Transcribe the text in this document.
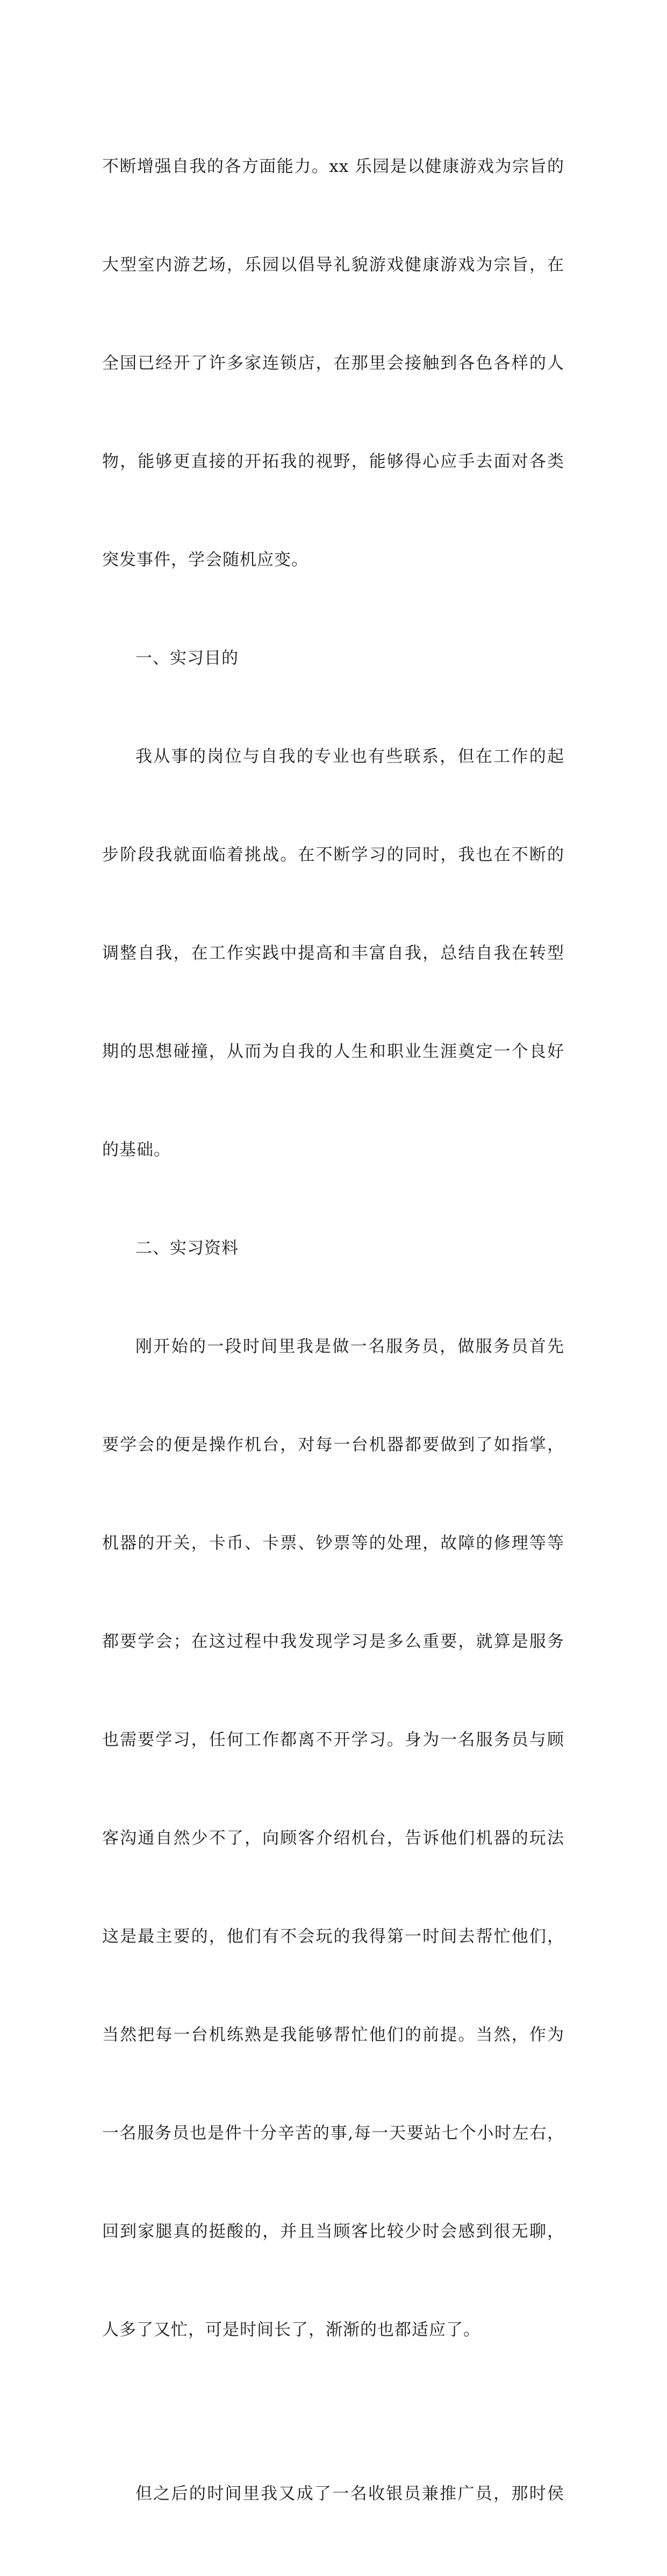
不断增强自我的各方面能力。xx 乐园是以健康游戏为宗旨的

大型室内游艺场，乐园以倡导礼貌游戏健康游戏为宗旨，在

全国已经开了许多家连锁店，在那里会接触到各色各样的人

物，能够更直接的开拓我的视野，能够得心应手去面对各类

突发事件，学会随机应变。

一、实习目的

我从事的岗位与自我的专业也有些联系，但在工作的起

步阶段我就面临着挑战。在不断学习的同时，我也在不断的

调整自我，在工作实践中提高和丰富自我，总结自我在转型

期的思想碰撞，从而为自我的人生和职业生涯奠定一个良好

的基础。

二、实习资料

刚开始的一段时间里我是做一名服务员，做服务员首先

要学会的便是操作机台，对每一台机器都要做到了如指掌，

机器的开关，卡币、卡票、钞票等的处理，故障的修理等等

都要学会；在这过程中我发现学习是多么重要，就算是服务

也需要学习，任何工作都离不开学习。身为一名服务员与顾

客沟通自然少不了，向顾客介绍机台，告诉他们机器的玩法

这是最主要的，他们有不会玩的我得第一时间去帮忙他们，

当然把每一台机练熟是我能够帮忙他们的前提。当然，作为

一名服务员也是件十分辛苦的事,每一天要站七个小时左右，

回到家腿真的挺酸的，并且当顾客比较少时会感到很无聊，

人多了又忙，可是时间长了，渐渐的也都适应了。

但之后的时间里我又成了一名收银员兼推广员，那时侯
